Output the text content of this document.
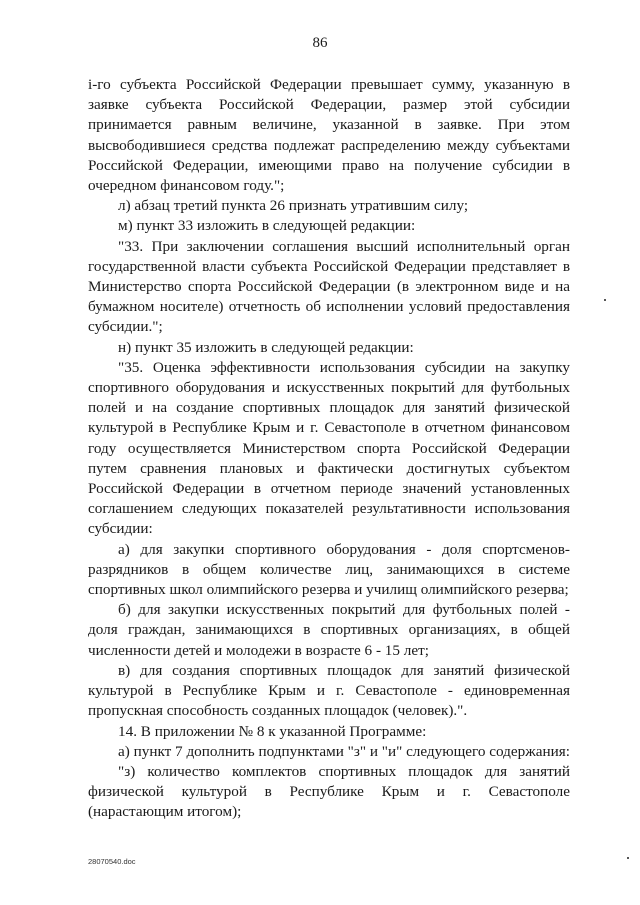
86

i-го субъекта Российской Федерации превышает сумму, указанную в заявке субъекта Российской Федерации, размер этой субсидии принимается равным величине, указанной в заявке. При этом высвободившиеся средства подлежат распределению между субъектами Российской Федерации, имеющими право на получение субсидии в очередном финансовом году.";

л) абзац третий пункта 26 признать утратившим силу;

м) пункт 33 изложить в следующей редакции:

"33. При заключении соглашения высший исполнительный орган государственной власти субъекта Российской Федерации представляет в Министерство спорта Российской Федерации (в электронном виде и на бумажном носителе) отчетность об исполнении условий предоставления субсидии.";

н) пункт 35 изложить в следующей редакции:

"35. Оценка эффективности использования субсидии на закупку спортивного оборудования и искусственных покрытий для футбольных полей и на создание спортивных площадок для занятий физической культурой в Республике Крым и г. Севастополе в отчетном финансовом году осуществляется Министерством спорта Российской Федерации путем сравнения плановых и фактически достигнутых субъектом Российской Федерации в отчетном периоде значений установленных соглашением следующих показателей результативности использования субсидии:

а) для закупки спортивного оборудования - доля спортсменов-разрядников в общем количестве лиц, занимающихся в системе спортивных школ олимпийского резерва и училищ олимпийского резерва;

б) для закупки искусственных покрытий для футбольных полей - доля граждан, занимающихся в спортивных организациях, в общей численности детей и молодежи в возрасте 6 - 15 лет;

в) для создания спортивных площадок для занятий физической культурой в Республике Крым и г. Севастополе - единовременная пропускная способность созданных площадок (человек).".

14. В приложении № 8 к указанной Программе:

а) пункт 7 дополнить подпунктами "з" и "и" следующего содержания:

"з) количество комплектов спортивных площадок для занятий физической культурой в Республике Крым и г. Севастополе (нарастающим итогом);

28070540.doc
